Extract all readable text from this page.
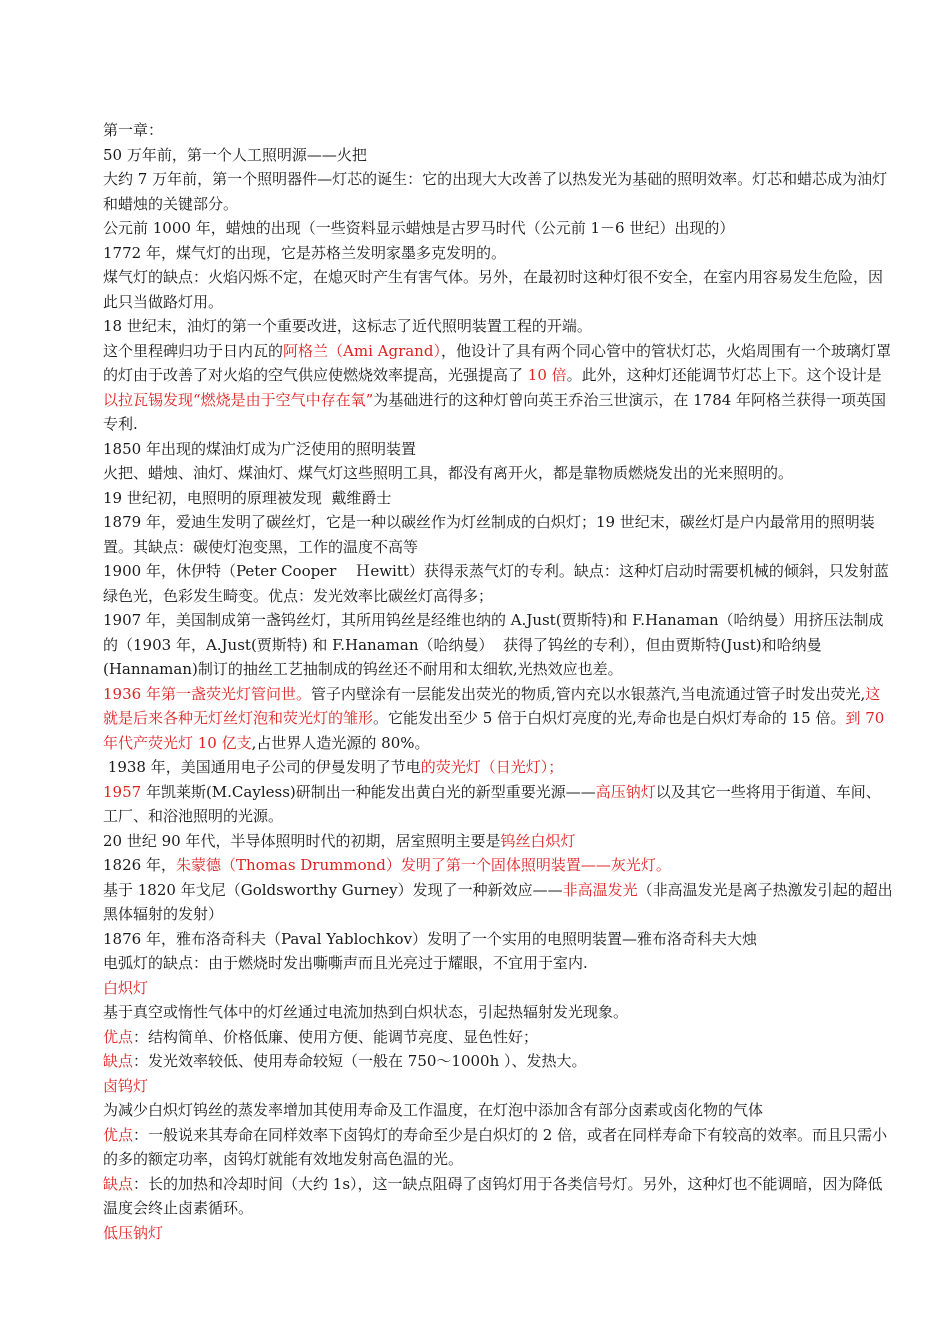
第一章：

50 万年前，第一个人工照明源——火把

大约 7 万年前，第一个照明器件—灯芯的诞生：它的出现大大改善了以热发光为基础的照明效率。灯芯和蜡芯成为油灯和蜡烛的关键部分。

公元前 1000 年，蜡烛的出现（一些资料显示蜡烛是古罗马时代（公元前 1－6 世纪）出现的）

1772 年，煤气灯的出现，它是苏格兰发明家墨多克发明的。

煤气灯的缺点：火焰闪烁不定，在熄灭时产生有害气体。另外，在最初时这种灯很不安全，在室内用容易发生危险，因此只当做路灯用。

18 世纪末，油灯的第一个重要改进，这标志了近代照明装置工程的开端。

这个里程碑归功于日内瓦的阿格兰（Ami Agrand），他设计了具有两个同心管中的管状灯芯，火焰周围有一个玻璃灯罩的灯由于改善了对火焰的空气供应使燃烧效率提高，光强提高了 10 倍。此外，这种灯还能调节灯芯上下。这个设计是以拉瓦锡发现“燃烧是由于空气中存在氧”为基础进行的这种灯曾向英王乔治三世演示，在 1784 年阿格兰获得一项英国专利.

1850 年出现的煤油灯成为广泛使用的照明装置

火把、蜡烛、油灯、煤油灯、煤气灯这些照明工具，都没有离开火，都是靠物质燃烧发出的光来照明的。

19 世纪初，电照明的原理被发现  戴维爵士

1879 年，爱迪生发明了碳丝灯，它是一种以碳丝作为灯丝制成的白炽灯；19 世纪末，碳丝灯是户内最常用的照明装置。其缺点：碳使灯泡变黑，工作的温度不高等

1900 年，休伊特（Peter Cooper    Ｈewitt）获得汞蒸气灯的专利。缺点：这种灯启动时需要机械的倾斜，只发射蓝绿色光，色彩发生畸变。优点：发光效率比碳丝灯高得多；

1907 年，美国制成第一盏钨丝灯，其所用钨丝是经维也纳的 A.Just(贾斯特)和 F.Hanaman（哈纳曼）用挤压法制成的（1903 年，A.Just(贾斯特) 和 F.Hanaman（哈纳曼）  获得了钨丝的专利），但由贾斯特(Just)和哈纳曼(Hannaman)制订的抽丝工艺抽制成的钨丝还不耐用和太细软,光热效应也差。

1936 年第一盏荧光灯管问世。管子内壁涂有一层能发出荧光的物质,管内充以水银蒸汽,当电流通过管子时发出荧光,这就是后来各种无灯丝灯泡和荧光灯的雏形。它能发出至少 5 倍于白炽灯亮度的光,寿命也是白炽灯寿命的 15 倍。到 70 年代产荧光灯 10 亿支,占世界人造光源的 80%。

1938 年，美国通用电子公司的伊曼发明了节电的荧光灯（日光灯）；

1957 年凯莱斯(M.Cayless)研制出一种能发出黄白光的新型重要光源——高压钠灯以及其它一些将用于街道、车间、工厂、和浴池照明的光源。

20 世纪 90 年代，半导体照明时代的初期，居室照明主要是钨丝白炽灯

1826 年，朱蒙德（Thomas Drummond）发明了第一个固体照明装置——灰光灯。

基于 1820 年戈尼（Goldsworthy Gurney）发现了一种新效应——非高温发光（非高温发光是离子热激发引起的超出黑体辐射的发射）

1876 年，雅布洛奇科夫（Paval Yablochkov）发明了一个实用的电照明装置—雅布洛奇科夫大烛

电弧灯的缺点：由于燃烧时发出嘶嘶声而且光亮过于耀眼，不宜用于室内.

白炽灯

基于真空或惰性气体中的灯丝通过电流加热到白炽状态，引起热辐射发光现象。

优点：结构简单、价格低廉、使用方便、能调节亮度、显色性好；

缺点：发光效率较低、使用寿命较短（一般在 750～1000h ）、发热大。

卤钨灯

为减少白炽灯钨丝的蒸发率增加其使用寿命及工作温度，在灯泡中添加含有部分卤素或卤化物的气体

优点：一般说来其寿命在同样效率下卤钨灯的寿命至少是白炽灯的 2 倍，或者在同样寿命下有较高的效率。而且只需小的多的额定功率，卤钨灯就能有效地发射高色温的光。

缺点：长的加热和冷却时间（大约 1s），这一缺点阻碍了卤钨灯用于各类信号灯。另外，这种灯也不能调暗，因为降低温度会终止卤素循环。

低压钠灯
